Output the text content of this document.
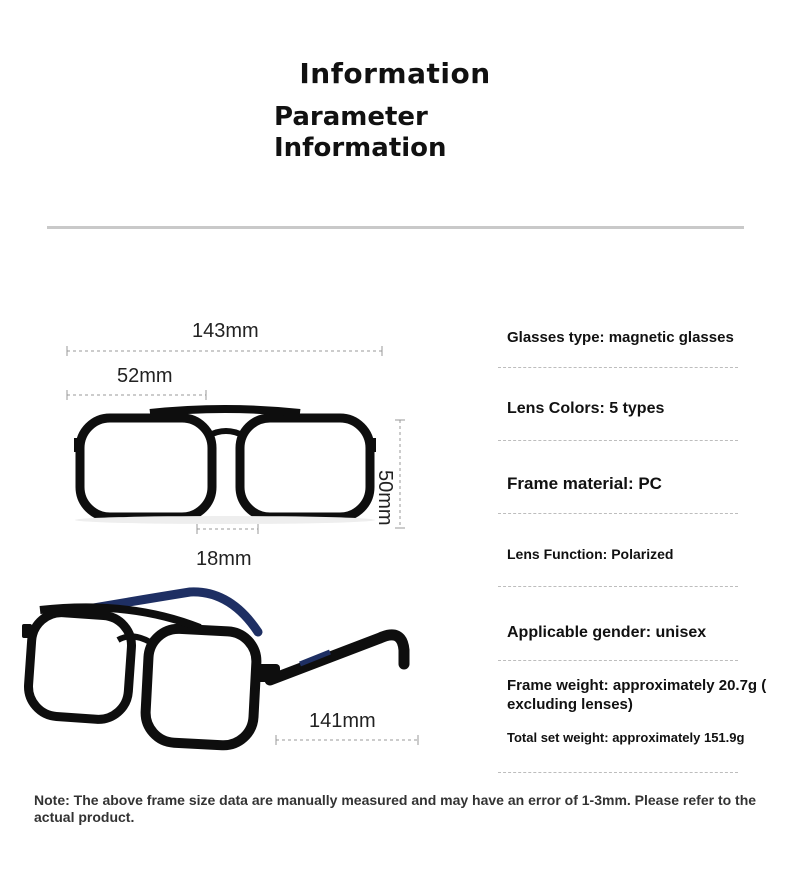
Information
Parameter
Information
143mm
52mm
50mm
18mm
141mm
Glasses type: magnetic glasses
Lens Colors: 5 types
Frame material: PC
Lens Function: Polarized
Applicable gender: unisex
Frame weight: approximately 20.7g (
excluding lenses)
Total set weight: approximately 151.9g
Note: The above frame size data are manually measured and may have an error of 1-3mm. Please refer to the actual product.
